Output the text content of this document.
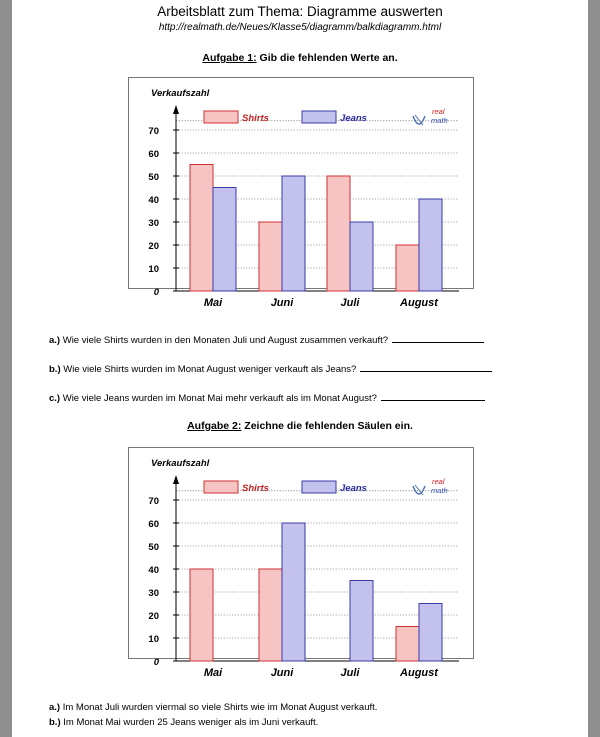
Arbeitsblatt zum Thema: Diagramme auswerten
http://realmath.de/Neues/Klasse5/diagramm/balkdiagramm.html
Aufgabe 1: Gib die fehlenden Werte an.
Verkaufszahl
0
10
20
30
40
50
60
70
Mai	Juni	Juli	August
Shirts	Jeans
real
math
a.) Wie viele Shirts wurden in den Monaten Juli und August zusammen verkauft?
b.) Wie viele Shirts wurden im Monat August weniger verkauft als Jeans?
c.) Wie viele Jeans wurden im Monat Mai mehr verkauft als im Monat August?
Aufgabe 2: Zeichne die fehlenden Säulen ein.
Verkaufszahl
0
10
20
30
40
50
60
70
Mai	Juni	Juli	August
Shirts	Jeans
real
math
a.) Im Monat Juli wurden viermal so viele Shirts wie im Monat August verkauft.
b.) Im Monat Mai wurden 25 Jeans weniger als im Juni verkauft.
